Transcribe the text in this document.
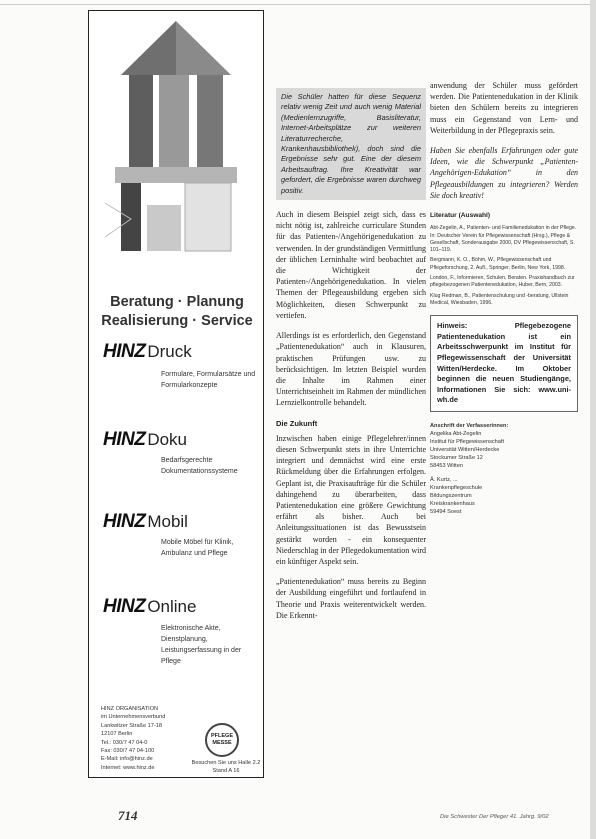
Beratung · Planung
Realisierung · Service
HINZ Druck
Formulare, Formularsätze und Formularkonzepte
HINZ Doku
Bedarfsgerechte Dokumentationssysteme
HINZ Mobil
Mobile Möbel für Klinik, Ambulanz und Pflege
HINZ Online
Elektronische Akte, Dienstplanung, Leistungserfassung in der Pflege
HINZ ORGANISATION
im Unternehmensverbund
Lankwitzer Straße 17-18
12107 Berlin
Tel.: 030/7 47 04-0
Fax: 030/7 47 04-100
E-Mail: info@hinz.de
Internet: www.hinz.de
PFLEGE MESSE
Besuchen Sie uns Halle 2.2 Stand A 16
Die Schüler hatten für diese Sequenz relativ wenig Zeit und auch wenig Material (Medienlernzugriffe, Basisliteratur, Internet-Arbeitsplätze zur weiteren Literaturrecherche, Krankenhausbibliothek), doch sind die Ergebnisse sehr gut. Eine der diesem Arbeitsauftrag. Ihre Kreativität war gefordert, die Ergebnisse waren durchweg positiv.

Auch in diesem Beispiel zeigt sich, dass es nicht nötig ist, zahlreiche curriculare Stunden für das Patienten-/Angehörigenedukation zu verwenden. In der grundständigen Vermittlung der üblichen Lerninhalte wird beobachtet auf die Wichtigkeit der Patienten-/Angehörigenedukation. In vielen Themen der Pflegeausbildung ergeben sich Möglichkeiten, diesen Schwerpunkt zu vertiefen.

Allerdings ist es erforderlich, den Gegenstand „Patientenedukation“ auch in Klausuren, praktischen Prüfungen usw. zu berücksichtigen. Im letzten Beispiel wurden die Inhalte im Rahmen einer Unterrichtseinheit im Rahmen der mündlichen Lernzielkontrolle behandelt.

Die Zukunft

Inzwischen haben einige Pflegelehrer/innen diesen Schwerpunkt stets in ihre Unterrichte integriert und demnächst wird eine erste Rückmeldung über die Erfahrungen erfolgen. Geplant ist, die Praxisaufträge für die Schüler dahingehend zu überarbeiten, dass Patientenedukation eine größere Gewichtung erfährt als bisher. Auch bei Anleitungssituationen ist das Bewusstsein gestärkt worden - ein konsequenter Niederschlag in der Pflegedokumentation wird ein künftiger Aspekt sein.

„Patientenedukation“ muss bereits zu Beginn der Ausbildung eingeführt und fortlaufend in Theorie und Praxis weiterentwickelt werden. Die Erkennt-

anwendung der Schüler muss gefördert werden. Die Patientenedukation in der Klinik bieten den Schülern bereits zu integrieren muss ein Gegenstand von Lern- und Weiterbildung in der Pflegepraxis sein.

Haben Sie ebenfalls Erfahrungen oder gute Ideen, wie die Schwerpunkt „Patienten-Angehörigen-Edukation“ in den Pflegeausbildungen zu integrieren? Werden Sie doch kreativ!

Literatur (Auswahl)

Abt-Zegelin, A., Patienten- und Familienedukation in der Pflege. In: Deutscher Verein für Pflegewissenschaft (Hrsg.), Pflege & Gesellschaft, Sonderausgabe 2000, DV Pflegewissenschaft, S. 101–119.

Bergmann, K. O., Böhm, W., Pflegewissenschaft und Pflegeforschung, 2. Aufl., Springer, Berlin, New York, 1998.

London, F., Informieren, Schulen, Beraten. Praxishandbuch zur pflegebezogenen Patientenedukation, Huber, Bern, 2003.

Klug Redman, B., Patientenschulung und -beratung, Ullstein Medical, Wiesbaden, 1996.

Hinweis: Pflegebezogene Patientenedukation ist ein Arbeitsschwerpunkt im Institut für Pflegewissenschaft der Universität Witten/Herdecke. Im Oktober beginnen die neuen Studiengänge, Informationen Sie sich: www.uni-wh.de
Anschrift der Verfasserinnen:
Angelika Abt-Zegelin
Institut für Pflegewissenschaft
Universität Witten/Herdecke
Stockumer Straße 12
58453 Witten
Ä. Kurtz, ...
Krankenpflegeschule
Bildungszentrum
Kreiskrankenhaus
59494 Soest
714	Die Schwester Der Pfleger 41. Jahrg. 9/02
